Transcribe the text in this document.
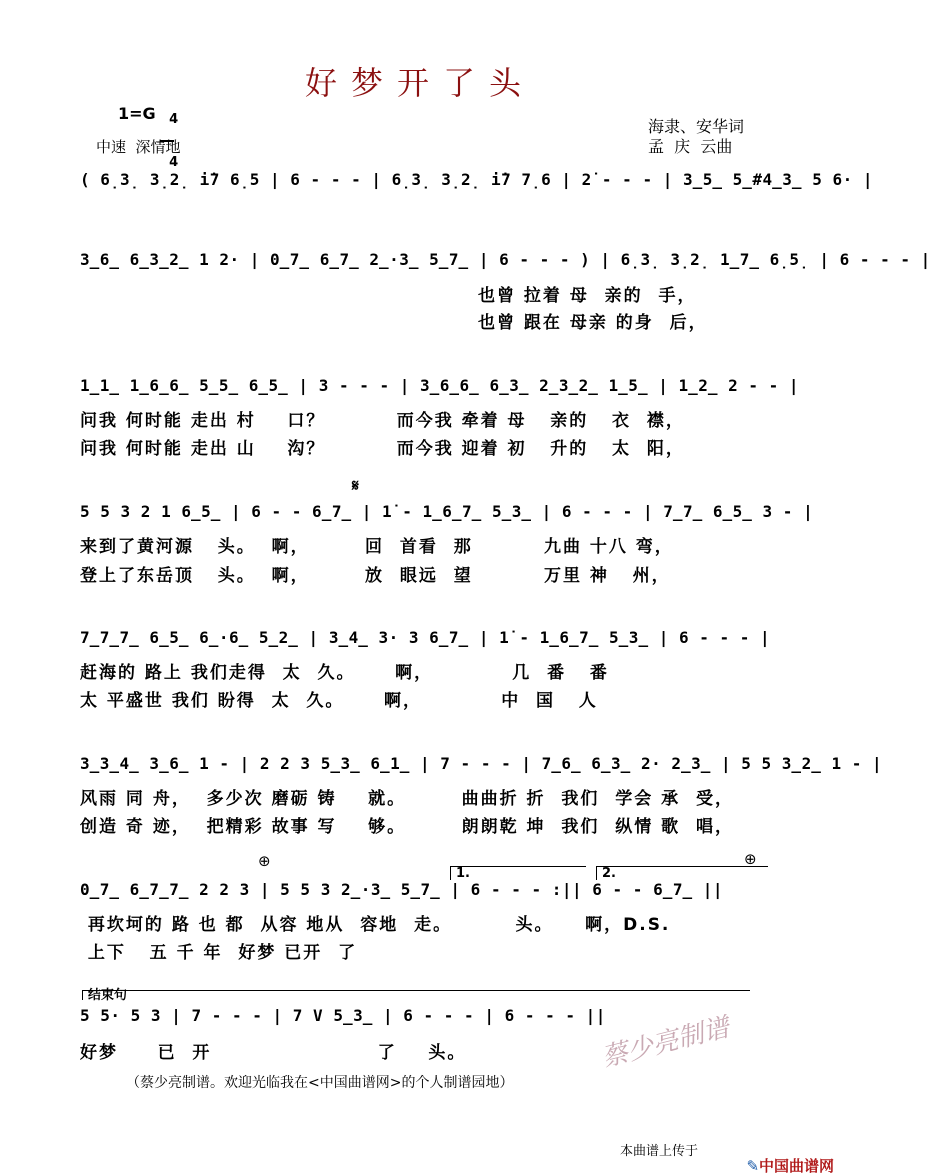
好梦开了头
1=G	4

4

中速  深情地
海隶、安华词
孟  庆  云曲
( 6̣3̣ 3̣2̣ i̇7 6̣5 | 6 - - - | 6̣3̣ 3̣2̣ i̇7 7̣6 | 2̇ - - - | 3̲5̲ 5̲#4̲3̲ 5 6· |
3̲6̲ 6̲3̲2̲ 1 2· | 0̲7̲ 6̲7̲ 2̲·3̲ 5̲7̲ | 6 - - - ) | 6̣3̣ 3̣2̣ 1̲7̲ 6̣5̣ | 6 - - - |
也曾 拉着 母  亲的  手，
也曾 跟在 母亲 的身  后，
1̲1̲ 1̲6̲6̲ 5̲5̲ 6̲5̲ | 3 - - - | 3̲6̲6̲ 6̲3̲ 2̲3̲2̲ 1̲5̲ | 1̲2̲ 2 - - |
问我 何时能 走出 村    口？         而今我 牵着 母   亲的   衣  襟，
问我 何时能 走出 山    沟？         而今我 迎着 初   升的   太  阳，
𝄋
5 5 3 2 1 6̲5̲ | 6 - - 6̲7̲ | 1̇ - 1̲6̲7̲ 5̲3̲ | 6 - - - | 7̲7̲ 6̲5̲ 3 - |
来到了黄河源   头。  啊，       回  首看  那         九曲 十八 弯，
登上了东岳顶   头。  啊，       放  眼远  望         万里 神   州，
7̲7̲7̲ 6̲5̲ 6̲·6̲ 5̲2̲ | 3̲4̲ 3· 3 6̲7̲ | 1̇ - 1̲6̲7̲ 5̲3̲ | 6 - - - |
赶海的 路上 我们走得  太  久。     啊，          几  番   番
太 平盛世 我们 盼得  太  久。     啊，          中  国   人
3̲3̲4̲ 3̲6̲ 1 - | 2 2 3 5̲3̲ 6̲1̲ | 7 - - - | 7̲6̲ 6̲3̲ 2· 2̲3̲ | 5 5 3̲2̲ 1 - |
风雨 同 舟，  多少次 磨砺 铸    就。       曲曲折 折  我们  学会 承  受，
创造 奇 迹，  把精彩 故事 写    够。       朗朗乾 坤  我们  纵情 歌  唱，
⊕	⊕
1.	2.
0̲7̲ 6̲7̲7̲ 2 2 3 | 5 5 3 2̲·3̲ 5̲7̲ | 6 - - - :|| 6 - - 6̲7̲ ||
再坎坷的 路 也 都  从容 地从  容地  走。        头。    啊，D.S.
上下   五 千 年  好梦 已开  了
结束句
5 5· 5 3 | 7 - - - | 7 V 5̲3̲ | 6 - - - | 6 - - - ||
好梦     已  开                     了    头。	蔡少亮制谱
（蔡少亮制谱。欢迎光临我在<中国曲谱网>的个人制谱园地）
本曲谱上传于

✎中国曲谱网
